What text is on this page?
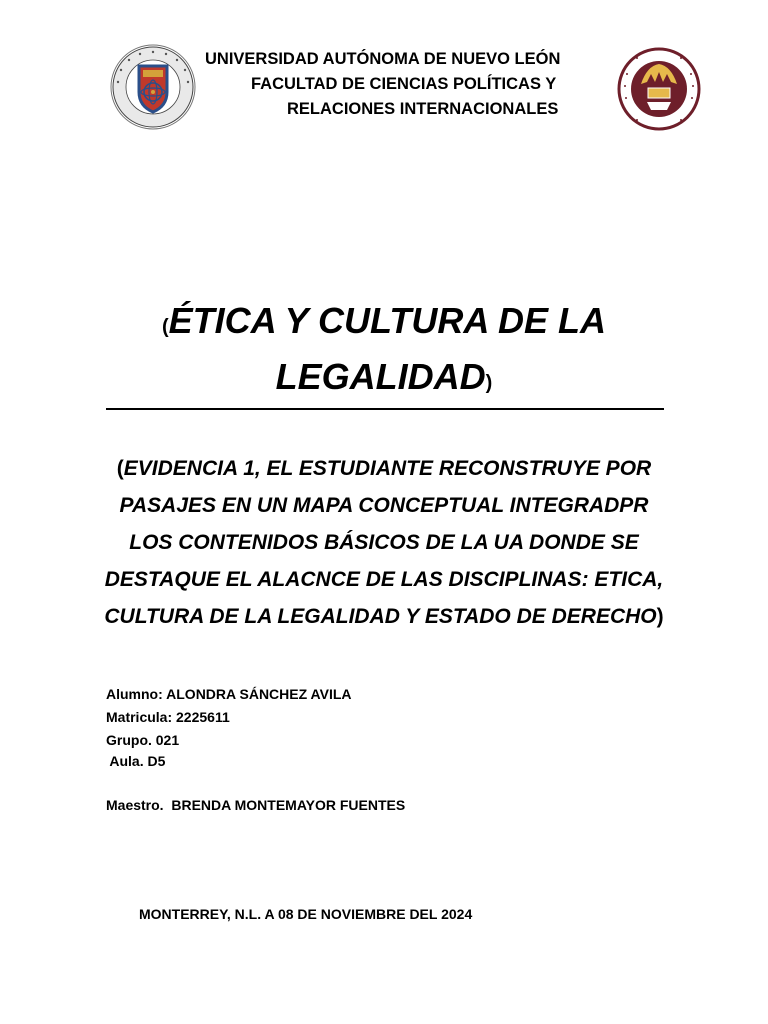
UNIVERSIDAD AUTÓNOMA DE NUEVO LEÓN
FACULTAD DE CIENCIAS POLÍTICAS Y
RELACIONES INTERNACIONALES
(ÉTICA Y CULTURA DE LA
LEGALIDAD)
(EVIDENCIA 1, EL ESTUDIANTE RECONSTRUYE POR
PASAJES EN UN MAPA CONCEPTUAL INTEGRADPR
LOS CONTENIDOS BÁSICOS DE LA UA DONDE SE
DESTAQUE EL ALACNCE DE LAS DISCIPLINAS: ETICA,
CULTURA DE LA LEGALIDAD Y ESTADO DE DERECHO)
Alumno: ALONDRA SÁNCHEZ AVILA
Matricula: 2225611
Grupo. 021
Aula. D5
Maestro.  BRENDA MONTEMAYOR FUENTES
MONTERREY, N.L. A 08 DE NOVIEMBRE DEL 2024
